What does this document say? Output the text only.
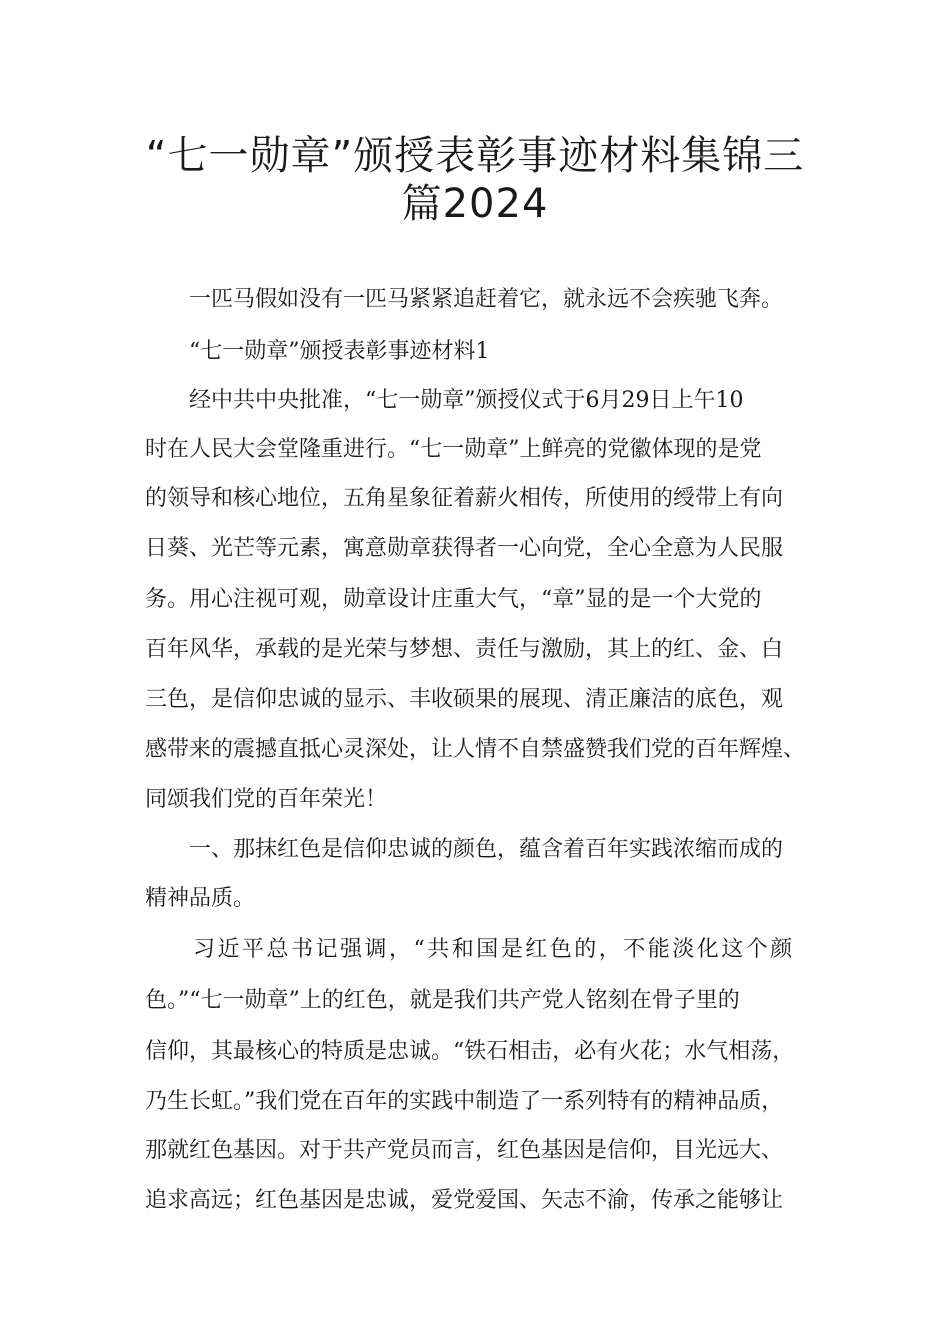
“七一勋章”颁授表彰事迹材料集锦三
篇2024

一匹马假如没有一匹马紧紧追赶着它，就永远不会疾驰飞奔。

“七一勋章”颁授表彰事迹材料1

经中共中央批准，“七一勋章”颁授仪式于6月29日上午10

时在人民大会堂隆重进行。“七一勋章”上鲜亮的党徽体现的是党

的领导和核心地位，五角星象征着薪火相传，所使用的绶带上有向

日葵、光芒等元素，寓意勋章获得者一心向党，全心全意为人民服

务。用心注视可观，勋章设计庄重大气，“章”显的是一个大党的

百年风华，承载的是光荣与梦想、责任与激励，其上的红、金、白

三色，是信仰忠诚的显示、丰收硕果的展现、清正廉洁的底色，观

感带来的震撼直抵心灵深处，让人情不自禁盛赞我们党的百年辉煌、

同颂我们党的百年荣光！

一、那抹红色是信仰忠诚的颜色，蕴含着百年实践浓缩而成的

精神品质。

习近平总书记强调，“共和国是红色的，不能淡化这个颜

色。”“七一勋章”上的红色，就是我们共产党人铭刻在骨子里的

信仰，其最核心的特质是忠诚。“铁石相击，必有火花；水气相荡，

乃生长虹。”我们党在百年的实践中制造了一系列特有的精神品质，

那就红色基因。对于共产党员而言，红色基因是信仰，目光远大、

追求高远；红色基因是忠诚，爱党爱国、矢志不渝，传承之能够让
